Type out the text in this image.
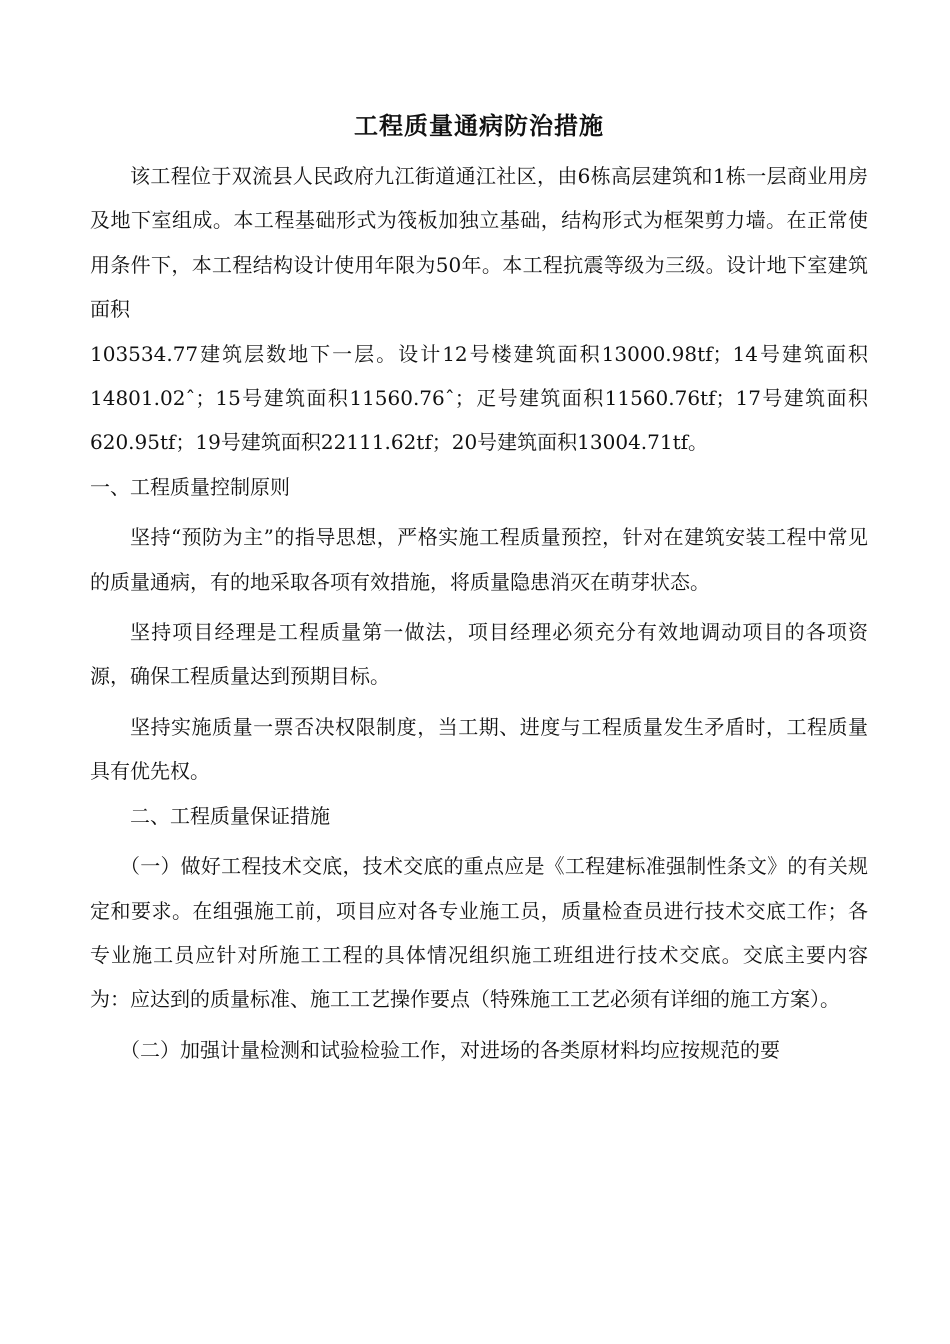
工程质量通病防治措施

该工程位于双流县人民政府九江街道通江社区，由6栋高层建筑和1栋一层商业用房及地下室组成。本工程基础形式为筏板加独立基础，结构形式为框架剪力墙。在正常使用条件下，本工程结构设计使用年限为50年。本工程抗震等级为三级。设计地下室建筑面积

103534.77建筑层数地下一层。设计12号楼建筑面积13000.98tf；14号建筑面积14801.02ˆ；15号建筑面积11560.76ˆ；疋号建筑面积11560.76tf；17号建筑面积620.95tf；19号建筑面积22111.62tf；20号建筑面积13004.71tf。

一、工程质量控制原则

坚持“预防为主”的指导思想，严格实施工程质量预控，针对在建筑安装工程中常见的质量通病，有的地采取各项有效措施，将质量隐患消灭在萌芽状态。

坚持项目经理是工程质量第一做法，项目经理必须充分有效地调动项目的各项资源，确保工程质量达到预期目标。

坚持实施质量一票否决权限制度，当工期、进度与工程质量发生矛盾时，工程质量具有优先权。

二、工程质量保证措施

（一）做好工程技术交底，技术交底的重点应是《工程建标准强制性条文》的有关规定和要求。在组强施工前，项目应对各专业施工员，质量检查员进行技术交底工作；各专业施工员应针对所施工工程的具体情况组织施工班组进行技术交底。交底主要内容为：应达到的质量标准、施工工艺操作要点（特殊施工工艺必须有详细的施工方案）。

（二）加强计量检测和试验检验工作，对进场的各类原材料均应按规范的要
